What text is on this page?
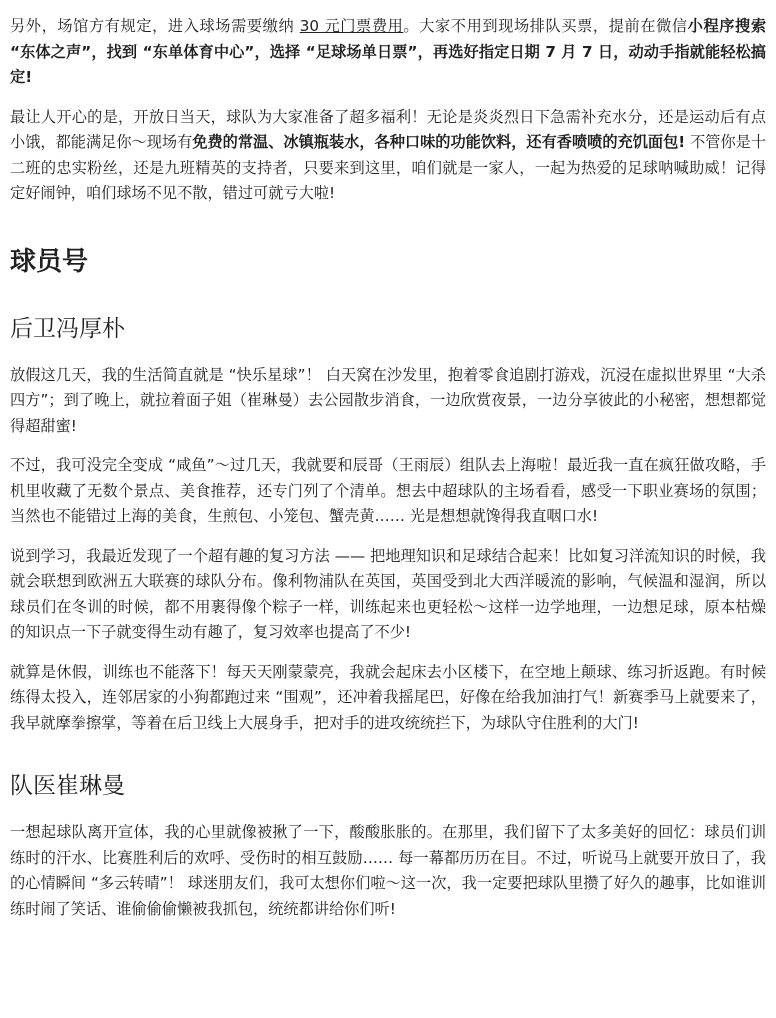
另外，场馆方有规定，进入球场需要缴纳 30 元门票费用。大家不用到现场排队买票，提前在微信小程序搜索 “东体之声”，找到 “东单体育中心”，选择 “足球场单日票”，再选好指定日期 7 月 7 日，动动手指就能轻松搞定!

最让人开心的是，开放日当天，球队为大家准备了超多福利！无论是炎炎烈日下急需补充水分，还是运动后有点小饿，都能满足你～现场有免费的常温、冰镇瓶装水，各种口味的功能饮料，还有香喷喷的充饥面包! 不管你是十二班的忠实粉丝，还是九班精英的支持者，只要来到这里，咱们就是一家人，一起为热爱的足球呐喊助威！记得定好闹钟，咱们球场不见不散，错过可就亏大啦!

球员号
后卫冯厚朴

放假这几天，我的生活简直就是 “快乐星球”！ 白天窝在沙发里，抱着零食追剧打游戏，沉浸在虚拟世界里 “大杀四方”；到了晚上，就拉着面子姐（崔琳曼）去公园散步消食，一边欣赏夜景，一边分享彼此的小秘密，想想都觉得超甜蜜!

不过，我可没完全变成 “咸鱼”～过几天，我就要和辰哥（王雨辰）组队去上海啦！最近我一直在疯狂做攻略，手机里收藏了无数个景点、美食推荐，还专门列了个清单。想去中超球队的主场看看，感受一下职业赛场的氛围；当然也不能错过上海的美食，生煎包、小笼包、蟹壳黄…… 光是想想就馋得我直咽口水!

说到学习，我最近发现了一个超有趣的复习方法 —— 把地理知识和足球结合起来！比如复习洋流知识的时候，我就会联想到欧洲五大联赛的球队分布。像利物浦队在英国，英国受到北大西洋暖流的影响，气候温和湿润，所以球员们在冬训的时候，都不用裹得像个粽子一样，训练起来也更轻松～这样一边学地理，一边想足球，原本枯燥的知识点一下子就变得生动有趣了，复习效率也提高了不少!

就算是休假，训练也不能落下！每天天刚蒙蒙亮，我就会起床去小区楼下，在空地上颠球、练习折返跑。有时候练得太投入，连邻居家的小狗都跑过来 “围观”，还冲着我摇尾巴，好像在给我加油打气！新赛季马上就要来了，我早就摩拳擦掌，等着在后卫线上大展身手，把对手的进攻统统拦下，为球队守住胜利的大门!

队医崔琳曼

一想起球队离开宣体，我的心里就像被揪了一下，酸酸胀胀的。在那里，我们留下了太多美好的回忆：球员们训练时的汗水、比赛胜利后的欢呼、受伤时的相互鼓励…… 每一幕都历历在目。不过，听说马上就要开放日了，我的心情瞬间 “多云转晴”！ 球迷朋友们，我可太想你们啦～这一次，我一定要把球队里攒了好久的趣事，比如谁训练时闹了笑话、谁偷偷偷懒被我抓包，统统都讲给你们听!
